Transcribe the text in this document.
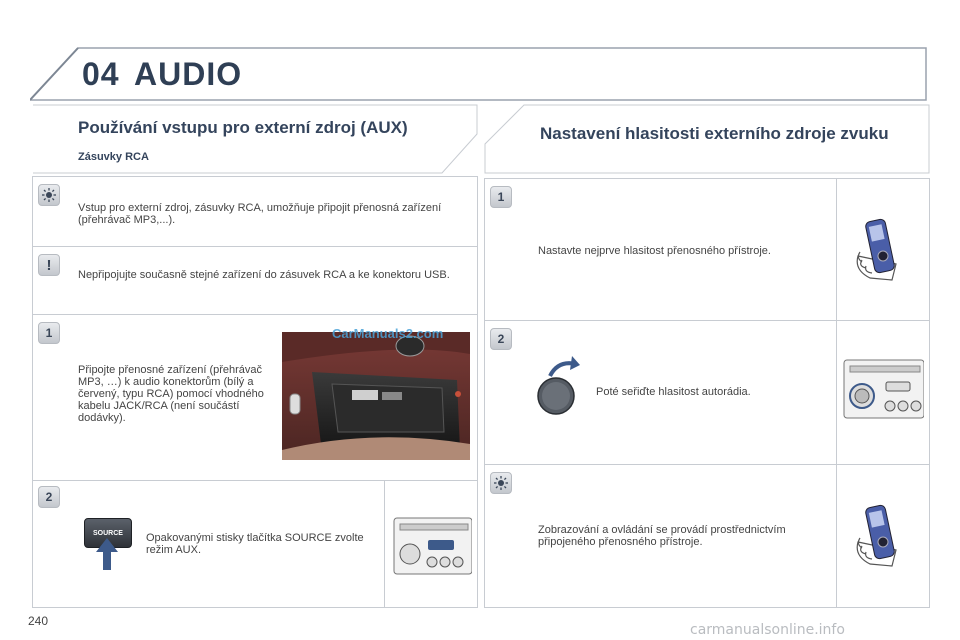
04 AUDIO
Používání vstupu pro externí zdroj (AUX)
Zásuvky RCA
Nastavení hlasitosti externího zdroje zvuku
Vstup pro externí zdroj, zásuvky RCA, umožňuje připojit přenosná zařízení (přehrávač MP3,...).
!
Nepřipojujte současně stejné zařízení do zásuvek RCA a ke konektoru USB.
1
Připojte přenosné zařízení (přehrávač MP3, …) k audio konektorům (bílý a červený, typu RCA) pomocí vhodného kabelu JACK/RCA (není součástí dodávky).
CarManuals2.com
2
SOURCE Opakovanými stisky tlačítka SOURCE zvolte režim AUX.
1
Nastavte nejprve hlasitost přenosného přístroje.
2
Poté seřiďte hlasitost autorádia.
Zobrazování a ovládání se provádí prostřednictvím připojeného přenosného přístroje.
240
carmanualsonline.info
